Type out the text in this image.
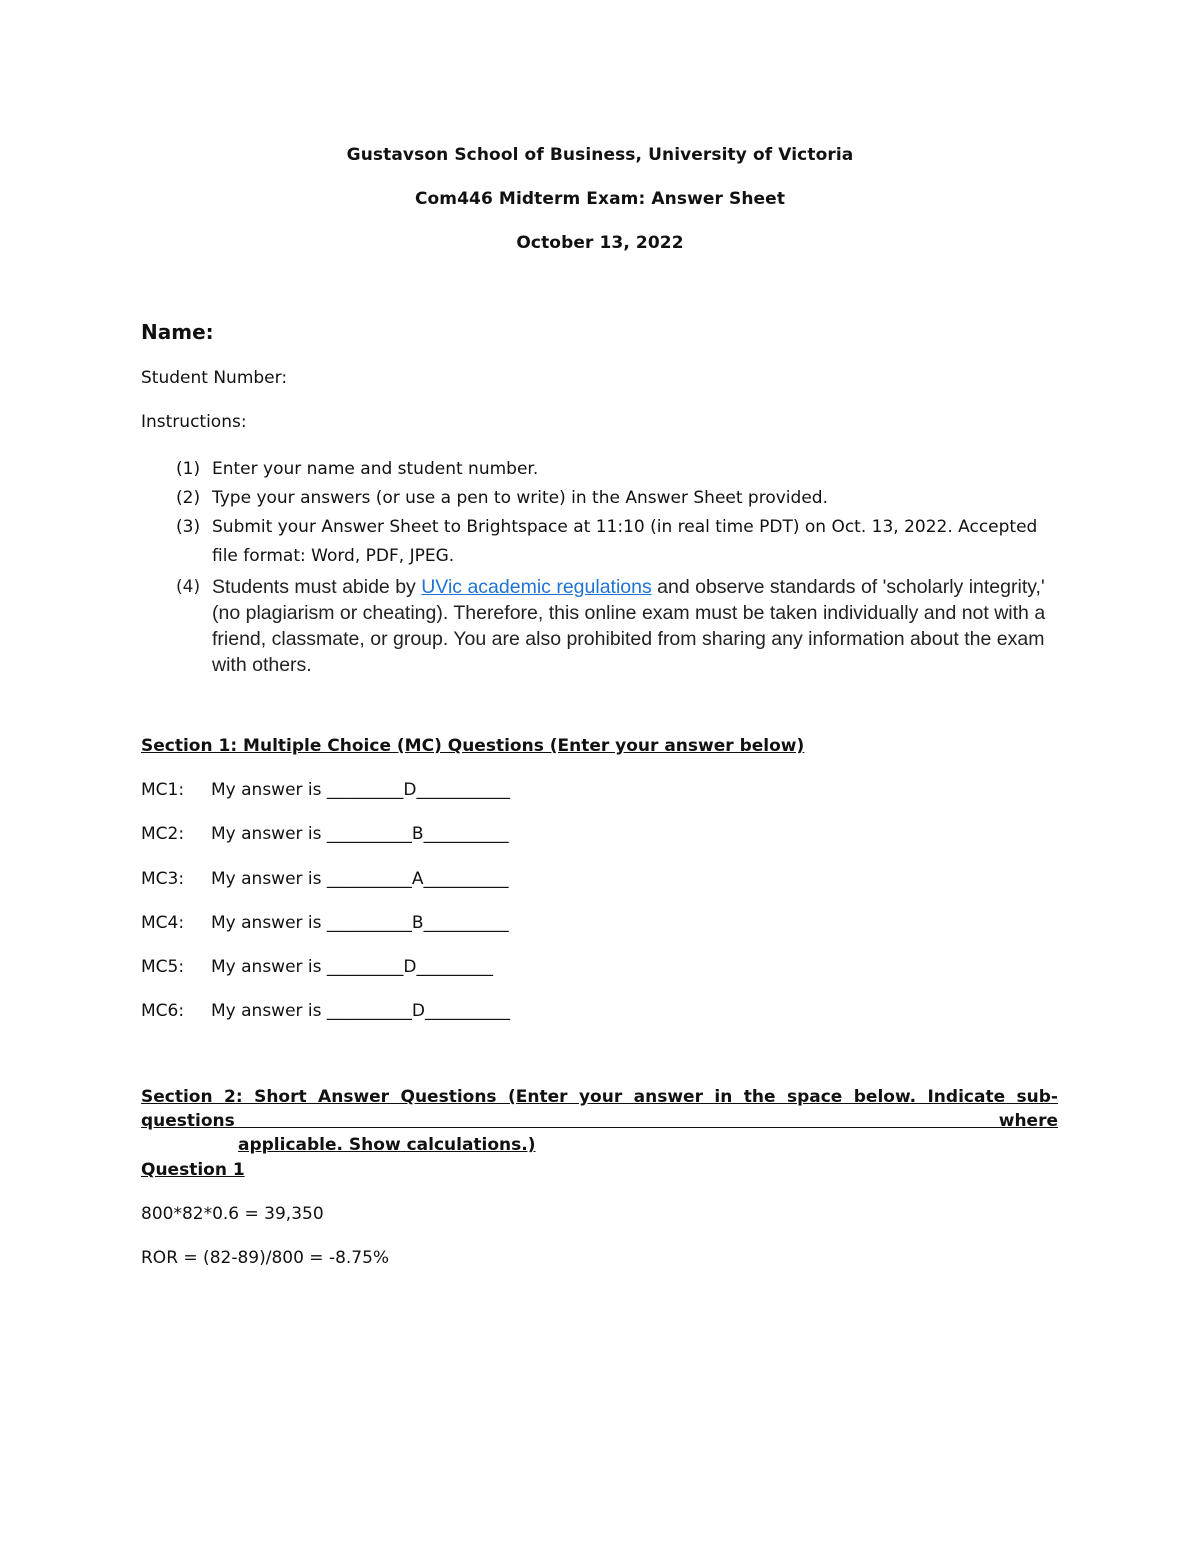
Gustavson School of Business, University of Victoria
Com446 Midterm Exam: Answer Sheet
October 13, 2022
Name:
Student Number:
Instructions:
(1) Enter your name and student number.
(2) Type your answers (or use a pen to write) in the Answer Sheet provided.
(3) Submit your Answer Sheet to Brightspace at 11:10 (in real time PDT) on Oct. 13, 2022. Accepted file format: Word, PDF, JPEG.
(4) Students must abide by UVic academic regulations and observe standards of 'scholarly integrity,' (no plagiarism or cheating). Therefore, this online exam must be taken individually and not with a friend, classmate, or group. You are also prohibited from sharing any information about the exam with others.
Section 1: Multiple Choice (MC) Questions (Enter your answer below)
MC1: My answer is _________D___________
MC2: My answer is __________B__________
MC3: My answer is __________A__________
MC4: My answer is __________B__________
MC5: My answer is _________D_________
MC6: My answer is __________D__________
Section 2: Short Answer Questions (Enter your answer in the space below. Indicate sub-questions where
applicable. Show calculations.)
Question 1
800*82*0.6 = 39,350
ROR = (82-89)/800 = -8.75%
